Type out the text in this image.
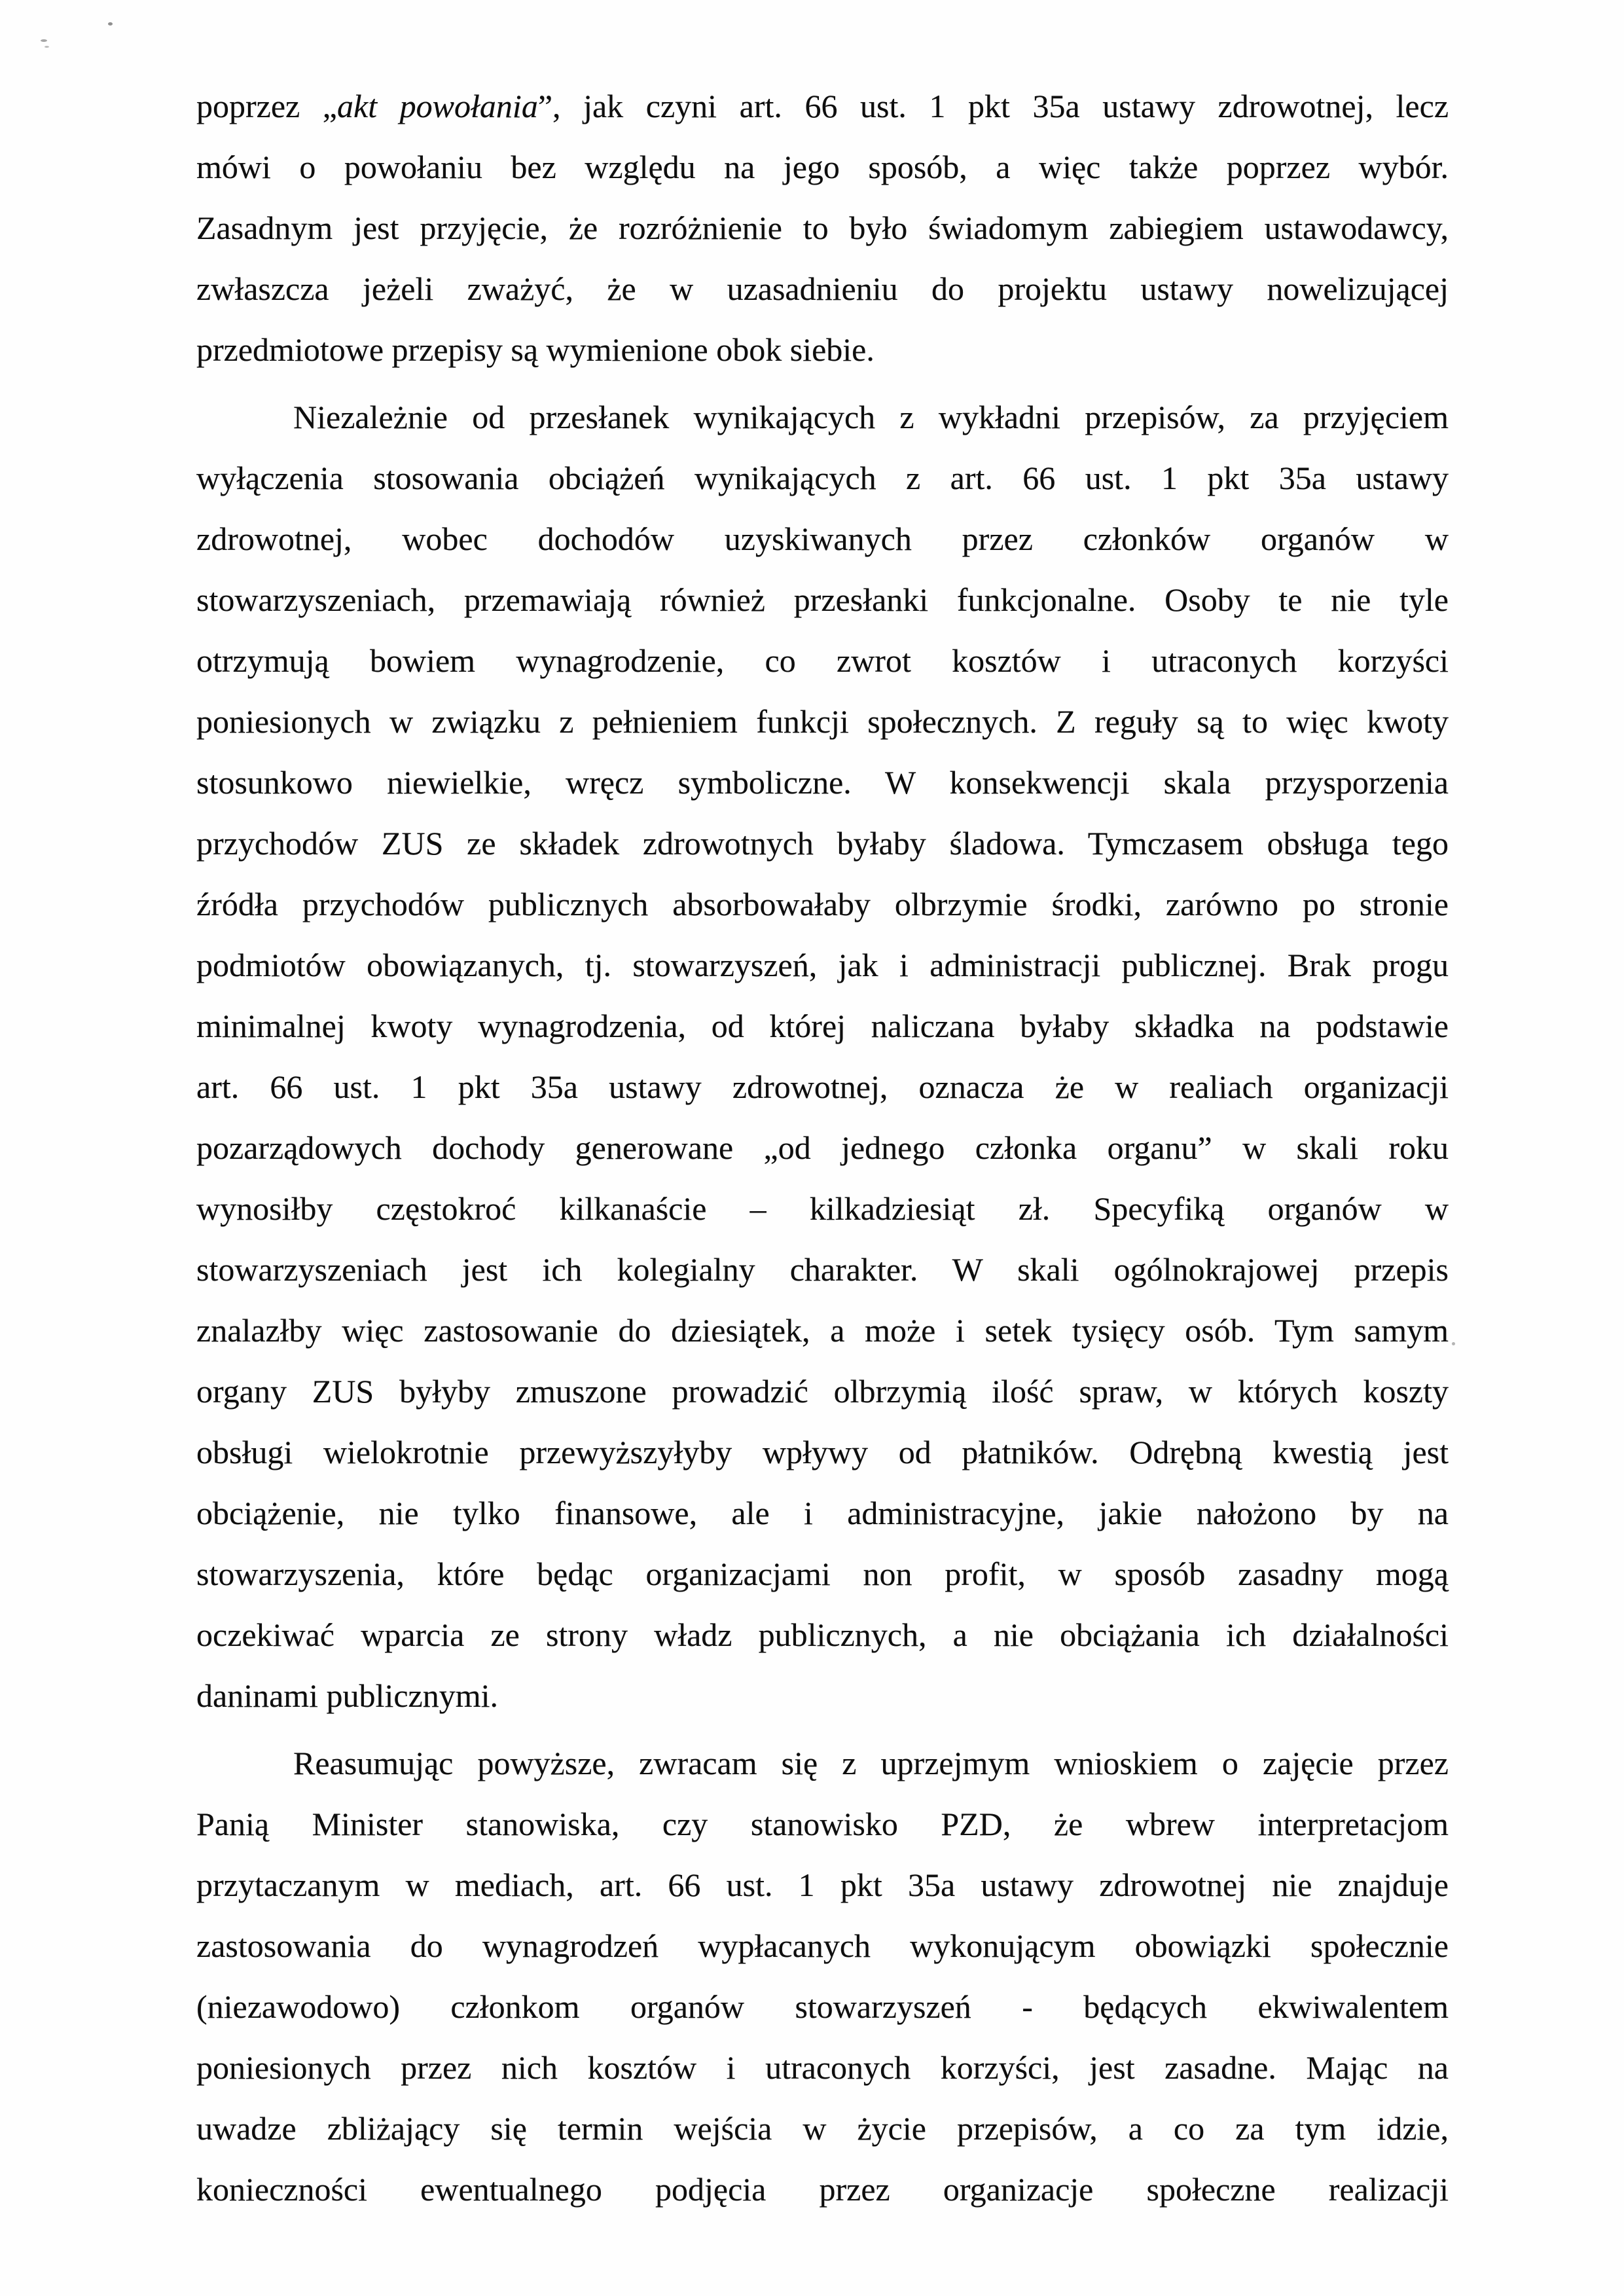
poprzez „akt powołania”, jak czyni art. 66 ust. 1 pkt 35a ustawy zdrowotnej, lecz
mówi o powołaniu bez względu na jego sposób, a więc także poprzez wybór.
Zasadnym jest przyjęcie, że rozróżnienie to było świadomym zabiegiem ustawodawcy,
zwłaszcza jeżeli zważyć, że w uzasadnieniu do projektu ustawy nowelizującej
przedmiotowe przepisy są wymienione obok siebie.
Niezależnie od przesłanek wynikających z wykładni przepisów, za przyjęciem
wyłączenia stosowania obciążeń wynikających z art. 66 ust. 1 pkt 35a ustawy
zdrowotnej, wobec dochodów uzyskiwanych przez członków organów w
stowarzyszeniach, przemawiają również przesłanki funkcjonalne. Osoby te nie tyle
otrzymują bowiem wynagrodzenie, co zwrot kosztów i utraconych korzyści
poniesionych w związku z pełnieniem funkcji społecznych. Z reguły są to więc kwoty
stosunkowo niewielkie, wręcz symboliczne. W konsekwencji skala przysporzenia
przychodów ZUS ze składek zdrowotnych byłaby śladowa. Tymczasem obsługa tego
źródła przychodów publicznych absorbowałaby olbrzymie środki, zarówno po stronie
podmiotów obowiązanych, tj. stowarzyszeń, jak i administracji publicznej. Brak progu
minimalnej kwoty wynagrodzenia, od której naliczana byłaby składka na podstawie
art. 66 ust. 1 pkt 35a ustawy zdrowotnej, oznacza że w realiach organizacji
pozarządowych dochody generowane „od jednego członka organu” w skali roku
wynosiłby częstokroć kilkanaście – kilkadziesiąt zł. Specyfiką organów w
stowarzyszeniach jest ich kolegialny charakter. W skali ogólnokrajowej przepis
znalazłby więc zastosowanie do dziesiątek, a może i setek tysięcy osób. Tym samym
organy ZUS byłyby zmuszone prowadzić olbrzymią ilość spraw, w których koszty
obsługi wielokrotnie przewyższyłyby wpływy od płatników. Odrębną kwestią jest
obciążenie, nie tylko finansowe, ale i administracyjne, jakie nałożono by na
stowarzyszenia, które będąc organizacjami non profit, w sposób zasadny mogą
oczekiwać wparcia ze strony władz publicznych, a nie obciążania ich działalności
daninami publicznymi.
Reasumując powyższe, zwracam się z uprzejmym wnioskiem o zajęcie przez
Panią Minister stanowiska, czy stanowisko PZD, że wbrew interpretacjom
przytaczanym w mediach, art. 66 ust. 1 pkt 35a ustawy zdrowotnej nie znajduje
zastosowania do wynagrodzeń wypłacanych wykonującym obowiązki społecznie
(niezawodowo) członkom organów stowarzyszeń - będących ekwiwalentem
poniesionych przez nich kosztów i utraconych korzyści, jest zasadne. Mając na
uwadze zbliżający się termin wejścia w życie przepisów, a co za tym idzie,
konieczności ewentualnego podjęcia przez organizacje społeczne realizacji
